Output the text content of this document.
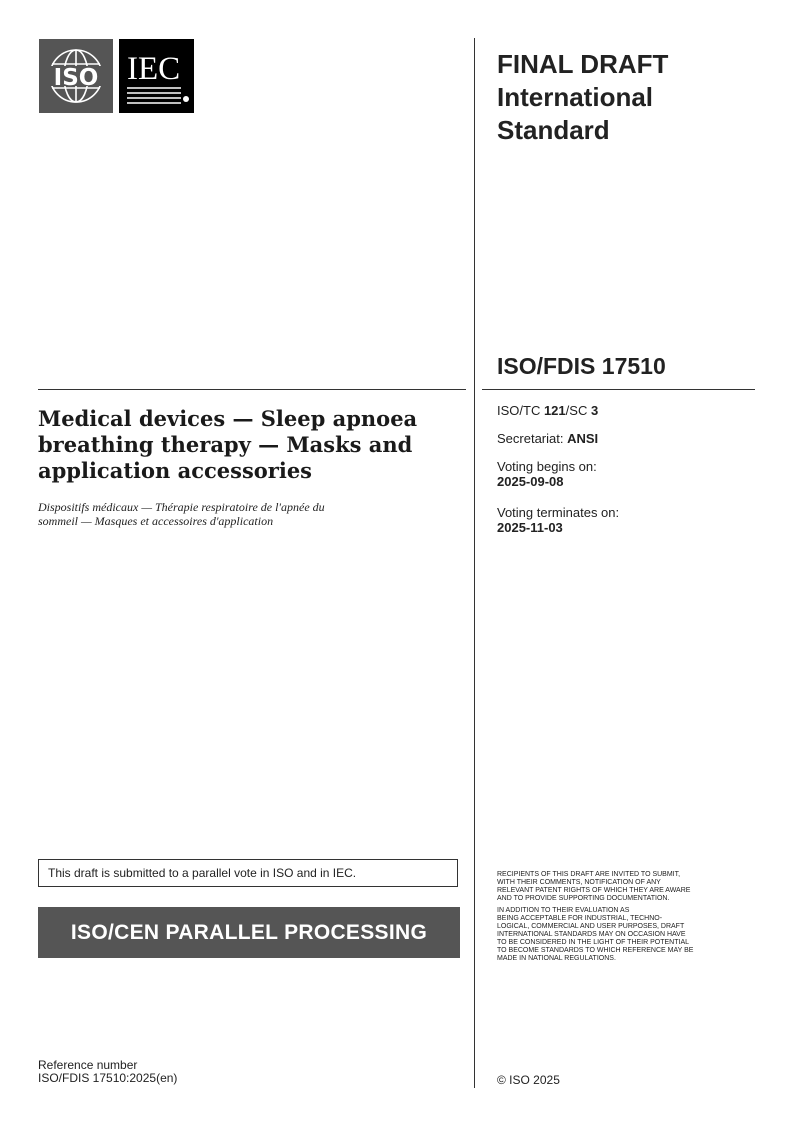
ISO IEC	FINAL DRAFT
International
Standard
ISO/FDIS 17510
Medical devices — Sleep apnoea
breathing therapy — Masks and
application accessories
Dispositifs médicaux — Thérapie respiratoire de l'apnée du
sommeil — Masques et accessoires d'application
ISO/TC 121/SC 3
Secretariat: ANSI
Voting begins on:
2025-09-08
Voting terminates on:
2025-11-03
This draft is submitted to a parallel vote in ISO and in IEC.
ISO/CEN PARALLEL PROCESSING
RECIPIENTS OF THIS DRAFT ARE INVITED TO SUBMIT,
WITH THEIR COMMENTS, NOTIFICATION OF ANY
RELEVANT PATENT RIGHTS OF WHICH THEY ARE AWARE
AND TO PROVIDE SUPPORTING DOCUMENTATION.
IN ADDITION TO THEIR EVALUATION AS
BEING ACCEPTABLE FOR INDUSTRIAL, TECHNO-
LOGICAL, COMMERCIAL AND USER PURPOSES, DRAFT
INTERNATIONAL STANDARDS MAY ON OCCASION HAVE
TO BE CONSIDERED IN THE LIGHT OF THEIR POTENTIAL
TO BECOME STANDARDS TO WHICH REFERENCE MAY BE
MADE IN NATIONAL REGULATIONS.
Reference number
ISO/FDIS 17510:2025(en)	© ISO 2025
